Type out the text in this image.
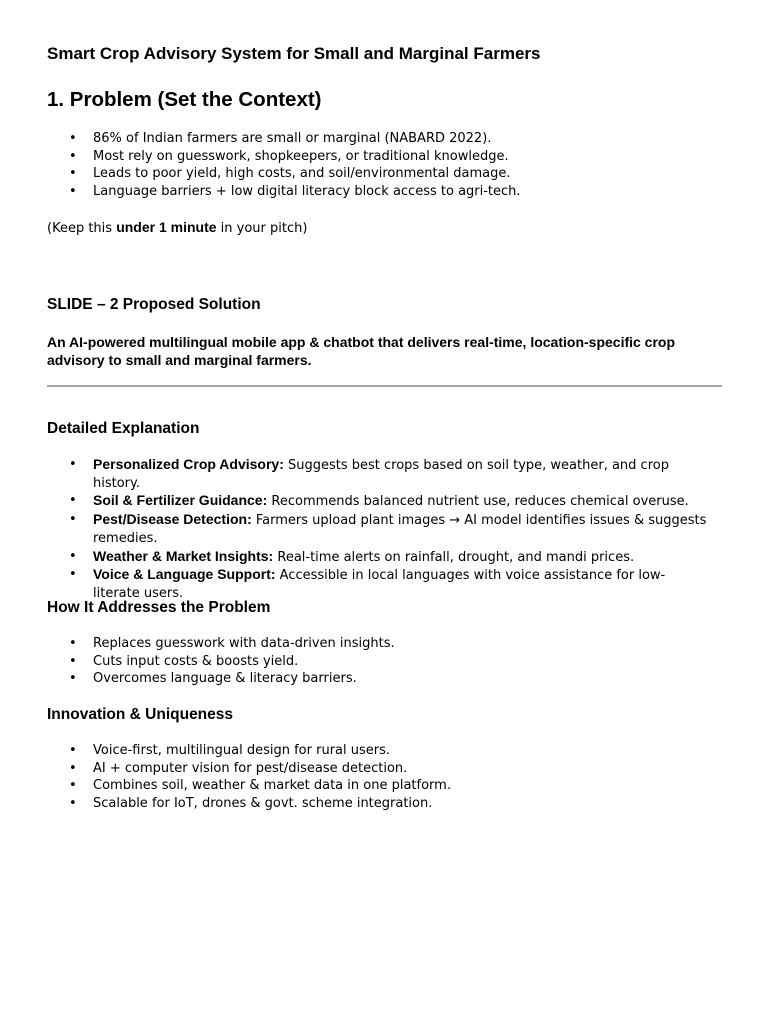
Smart Crop Advisory System for Small and Marginal Farmers
1. Problem (Set the Context)
• 86% of Indian farmers are small or marginal (NABARD 2022).
• Most rely on guesswork, shopkeepers, or traditional knowledge.
• Leads to poor yield, high costs, and soil/environmental damage.
• Language barriers + low digital literacy block access to agri-tech.
(Keep this under 1 minute in your pitch)
SLIDE – 2 Proposed Solution
An AI-powered multilingual mobile app & chatbot that delivers real-time, location-specific crop advisory to small and marginal farmers.
Detailed Explanation
• Personalized Crop Advisory: Suggests best crops based on soil type, weather, and crop history.
• Soil & Fertilizer Guidance: Recommends balanced nutrient use, reduces chemical overuse.
• Pest/Disease Detection: Farmers upload plant images → AI model identifies issues & suggests remedies.
• Weather & Market Insights: Real-time alerts on rainfall, drought, and mandi prices.
• Voice & Language Support: Accessible in local languages with voice assistance for low-literate users.
How It Addresses the Problem
• Replaces guesswork with data-driven insights.
• Cuts input costs & boosts yield.
• Overcomes language & literacy barriers.
Innovation & Uniqueness
• Voice-first, multilingual design for rural users.
• AI + computer vision for pest/disease detection.
• Combines soil, weather & market data in one platform.
• Scalable for IoT, drones & govt. scheme integration.
